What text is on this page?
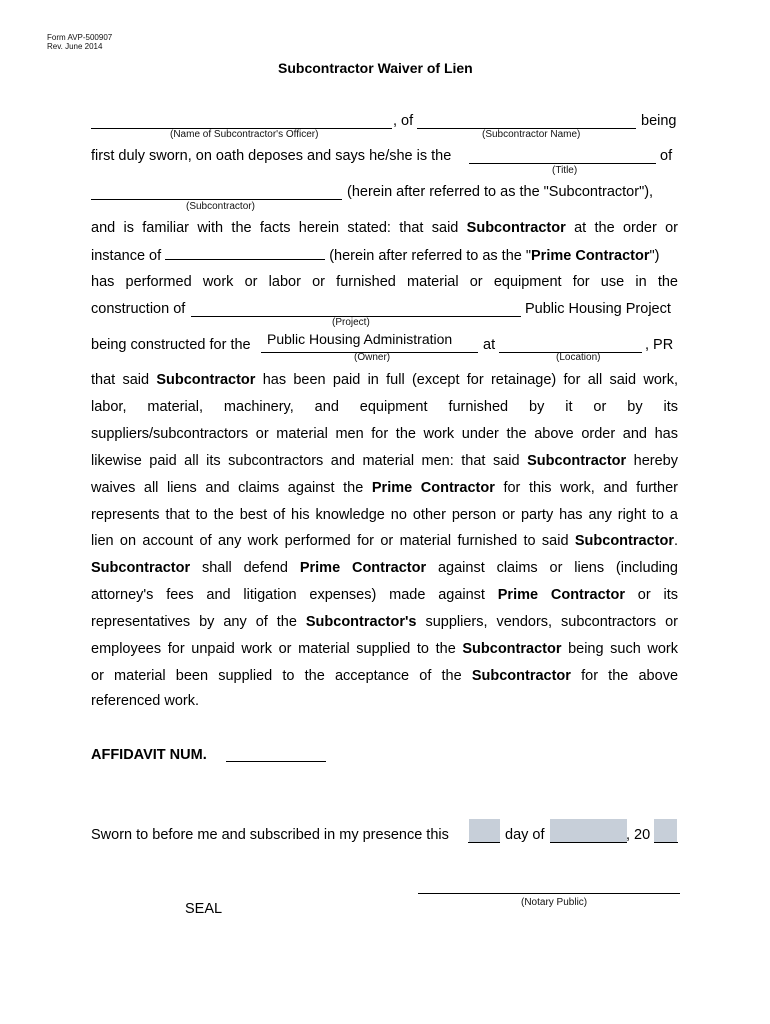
Form AVP-500907
Rev. June 2014
Subcontractor Waiver of Lien
, of	being
(Name of Subcontractor's Officer)	(Subcontractor Name)
first duly sworn, on oath deposes and says he/she is the	of
(Title)
(herein after referred to as the "Subcontractor"),
(Subcontractor)
and is familiar with the facts herein stated: that said Subcontractor at the order or
instance of	(herein after referred to as the "Prime Contractor")
has performed work or labor or furnished material or equipment for use in the
construction of	Public Housing Project
(Project)
being constructed for the Public Housing Administration at	, PR
(Owner)	(Location)
that said Subcontractor has been paid in full (except for retainage) for all said work,
labor, material, machinery, and equipment furnished by it or by its
suppliers/subcontractors or material men for the work under the above order and has
likewise paid all its subcontractors and material men: that said Subcontractor hereby
waives all liens and claims against the Prime Contractor for this work, and further
represents that to the best of his knowledge no other person or party has any right to a
lien on account of any work performed for or material furnished to said Subcontractor.
Subcontractor shall defend Prime Contractor against claims or liens (including
attorney's fees and litigation expenses) made against Prime Contractor or its
representatives by any of the Subcontractor's suppliers, vendors, subcontractors or
employees for unpaid work or material supplied to the Subcontractor being such work
or material been supplied to the acceptance of the Subcontractor for the above
referenced work.
AFFIDAVIT NUM.
Sworn to before me and subscribed in my presence this	day of	, 20
(Notary Public)
SEAL
